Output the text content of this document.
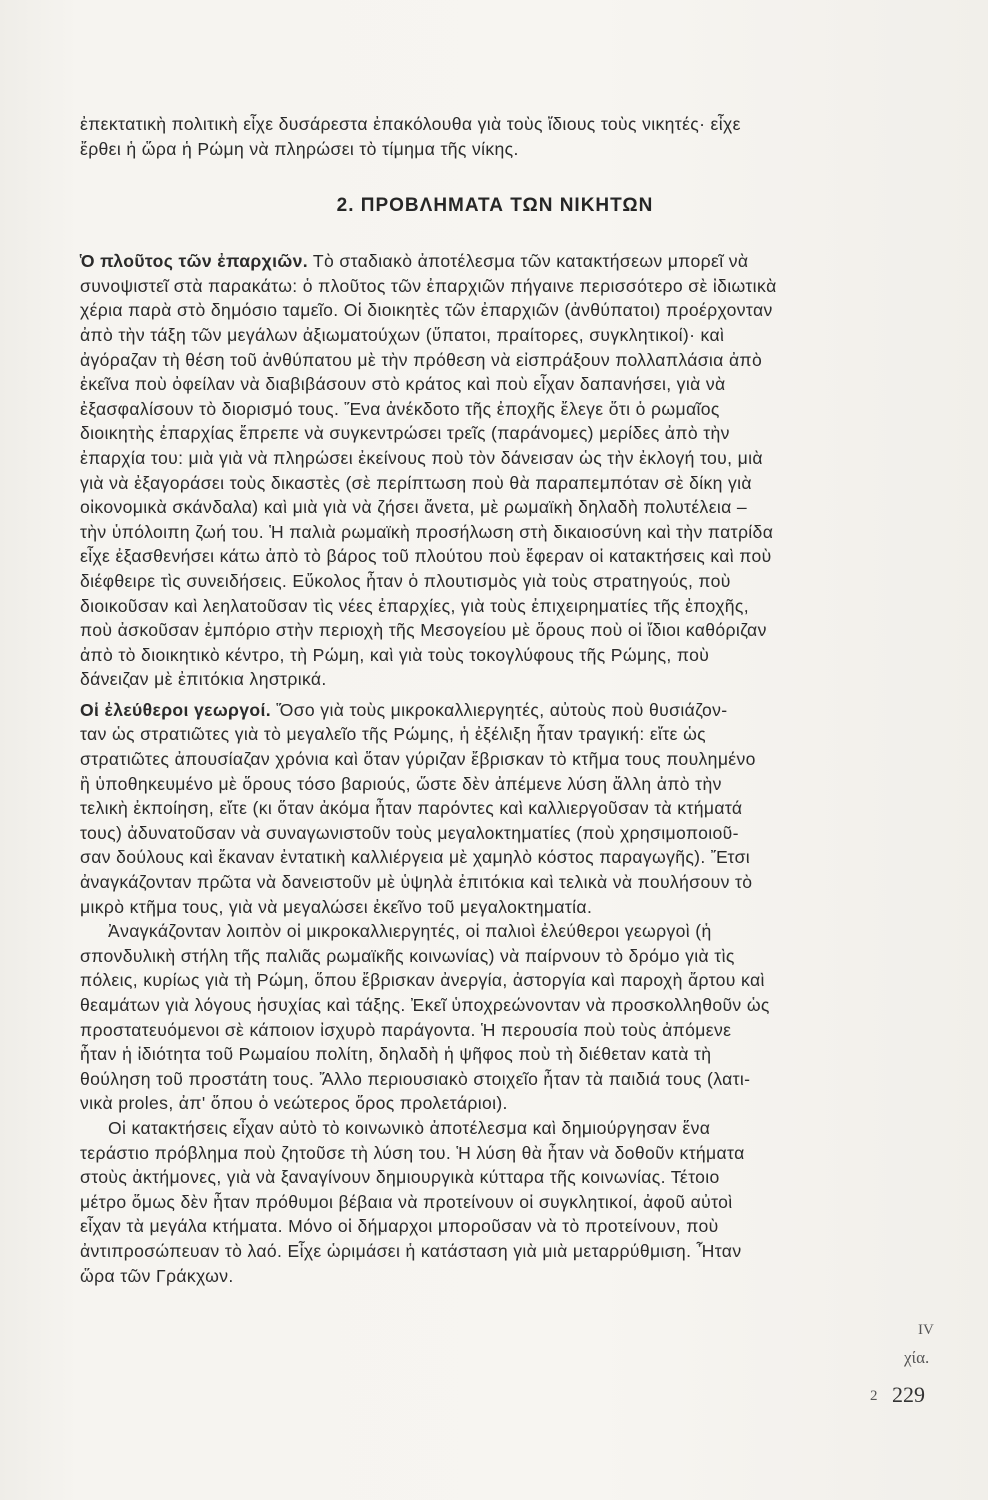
ἐπεκτατικὴ πολιτικὴ εἶχε δυσάρεστα ἐπακόλουθα γιὰ τοὺς ἴδιους τοὺς νικητές· εἶχε
ἔρθει ἡ ὥρα ἡ Ρώμη νὰ πληρώσει τὸ τίμημα τῆς νίκης.

2. ΠΡΟΒΛΗΜΑΤΑ ΤΩΝ ΝΙΚΗΤΩΝ

Ὁ πλοῦτος τῶν ἐπαρχιῶν. Τὸ σταδιακὸ ἀποτέλεσμα τῶν κατακτήσεων μπορεῖ νὰ
συνοψιστεῖ στὰ παρακάτω: ὁ πλοῦτος τῶν ἐπαρχιῶν πήγαινε περισσότερο σὲ ἰδιωτικὰ
χέρια παρὰ στὸ δημόσιο ταμεῖο. Οἱ διοικητὲς τῶν ἐπαρχιῶν (ἀνθύπατοι) προέρχονταν
ἀπὸ τὴν τάξη τῶν μεγάλων ἀξιωματούχων (ὕπατοι, πραίτορες, συγκλητικοί)· καὶ
ἀγόραζαν τὴ θέση τοῦ ἀνθύπατου μὲ τὴν πρόθεση νὰ εἰσπράξουν πολλαπλάσια ἀπὸ
ἐκεῖνα ποὺ ὀφείλαν νὰ διαβιβάσουν στὸ κράτος καὶ ποὺ εἶχαν δαπανήσει, γιὰ νὰ
ἐξασφαλίσουν τὸ διορισμό τους. Ἕνα ἀνέκδοτο τῆς ἐποχῆς ἔλεγε ὅτι ὁ ρωμαῖος
διοικητὴς ἐπαρχίας ἔπρεπε νὰ συγκεντρώσει τρεῖς (παράνομες) μερίδες ἀπὸ τὴν
ἐπαρχία του: μιὰ γιὰ νὰ πληρώσει ἐκείνους ποὺ τὸν δάνεισαν ὡς τὴν ἐκλογή του, μιὰ
γιὰ νὰ ἐξαγοράσει τοὺς δικαστὲς (σὲ περίπτωση ποὺ θὰ παραπεμπόταν σὲ δίκη γιὰ
οἰκονομικὰ σκάνδαλα) καὶ μιὰ γιὰ νὰ ζήσει ἄνετα, μὲ ρωμαϊκὴ δηλαδὴ πολυτέλεια –
τὴν ὑπόλοιπη ζωή του. Ἡ παλιὰ ρωμαϊκὴ προσήλωση στὴ δικαιοσύνη καὶ τὴν πατρίδα
εἶχε ἐξασθενήσει κάτω ἀπὸ τὸ βάρος τοῦ πλούτου ποὺ ἔφεραν οἱ κατακτήσεις καὶ ποὺ
διέφθειρε τὶς συνειδήσεις. Εὔκολος ἦταν ὁ πλουτισμὸς γιὰ τοὺς στρατηγούς, ποὺ
διοικοῦσαν καὶ λεηλατοῦσαν τὶς νέες ἐπαρχίες, γιὰ τοὺς ἐπιχειρηματίες τῆς ἐποχῆς,
ποὺ ἀσκοῦσαν ἐμπόριο στὴν περιοχὴ τῆς Μεσογείου μὲ ὅρους ποὺ οἱ ἴδιοι καθόριζαν
ἀπὸ τὸ διοικητικὸ κέντρο, τὴ Ρώμη, καὶ γιὰ τοὺς τοκογλύφους τῆς Ρώμης, ποὺ
δάνειζαν μὲ ἐπιτόκια ληστρικά.

Οἱ ἐλεύθεροι γεωργοί. Ὅσο γιὰ τοὺς μικροκαλλιεργητές, αὐτοὺς ποὺ θυσιάζον-
ταν ὡς στρατιῶτες γιὰ τὸ μεγαλεῖο τῆς Ρώμης, ἡ ἐξέλιξη ἦταν τραγική: εἴτε ὡς
στρατιῶτες ἀπουσίαζαν χρόνια καὶ ὅταν γύριζαν ἔβρισκαν τὸ κτῆμα τους πουλημένο
ἢ ὑποθηκευμένο μὲ ὅρους τόσο βαριούς, ὥστε δὲν ἀπέμενε λύση ἄλλη ἀπὸ τὴν
τελικὴ ἐκποίηση, εἴτε (κι ὅταν ἀκόμα ἦταν παρόντες καὶ καλλιεργοῦσαν τὰ κτήματά
τους) ἀδυνατοῦσαν νὰ συναγωνιστοῦν τοὺς μεγαλοκτηματίες (ποὺ χρησιμοποιοῦ-
σαν δούλους καὶ ἔκαναν ἐντατικὴ καλλιέργεια μὲ χαμηλὸ κόστος παραγωγῆς). Ἔτσι
ἀναγκάζονταν πρῶτα νὰ δανειστοῦν μὲ ὑψηλὰ ἐπιτόκια καὶ τελικὰ νὰ πουλήσουν τὸ
μικρὸ κτῆμα τους, γιὰ νὰ μεγαλώσει ἐκεῖνο τοῦ μεγαλοκτηματία.

Ἀναγκάζονταν λοιπὸν οἱ μικροκαλλιεργητές, οἱ παλιοὶ ἐλεύθεροι γεωργοὶ (ἡ
σπονδυλικὴ στήλη τῆς παλιᾶς ρωμαϊκῆς κοινωνίας) νὰ παίρνουν τὸ δρόμο γιὰ τὶς
πόλεις, κυρίως γιὰ τὴ Ρώμη, ὅπου ἔβρισκαν ἀνεργία, ἀστοργία καὶ παροχὴ ἄρτου καὶ
θεαμάτων γιὰ λόγους ἡσυχίας καὶ τάξης. Ἐκεῖ ὑποχρεώνονταν νὰ προσκολληθοῦν ὡς
προστατευόμενοι σὲ κάποιον ἰσχυρὸ παράγοντα. Ἡ περουσία ποὺ τοὺς ἀπόμενε
ἦταν ἡ ἰδιότητα τοῦ Ρωμαίου πολίτη, δηλαδὴ ἡ ψῆφος ποὺ τὴ διέθεταν κατὰ τὴ
θούληση τοῦ προστάτη τους. Ἄλλο περιουσιακὸ στοιχεῖο ἦταν τὰ παιδιά τους (λατι-
νικὰ proles, ἀπ' ὅπου ὁ νεώτερος ὅρος προλετάριοι).

Οἱ κατακτήσεις εἶχαν αὐτὸ τὸ κοινωνικὸ ἀποτέλεσμα καὶ δημιούργησαν ἕνα
τεράστιο πρόβλημα ποὺ ζητοῦσε τὴ λύση του. Ἡ λύση θὰ ἦταν νὰ δοθοῦν κτήματα
στοὺς ἀκτήμονες, γιὰ νὰ ξαναγίνουν δημιουργικὰ κύτταρα τῆς κοινωνίας. Τέτοιο
μέτρο ὅμως δὲν ἦταν πρόθυμοι βέβαια νὰ προτείνουν οἱ συγκλητικοί, ἀφοῦ αὐτοὶ
εἶχαν τὰ μεγάλα κτήματα. Μόνο οἱ δήμαρχοι μποροῦσαν νὰ τὸ προτείνουν, ποὺ
ἀντιπροσώπευαν τὸ λαό. Εἶχε ὡριμάσει ἡ κατάσταση γιὰ μιὰ μεταρρύθμιση. Ἦταν
ὥρα τῶν Γράκχων.

IV
χία.
2 229
